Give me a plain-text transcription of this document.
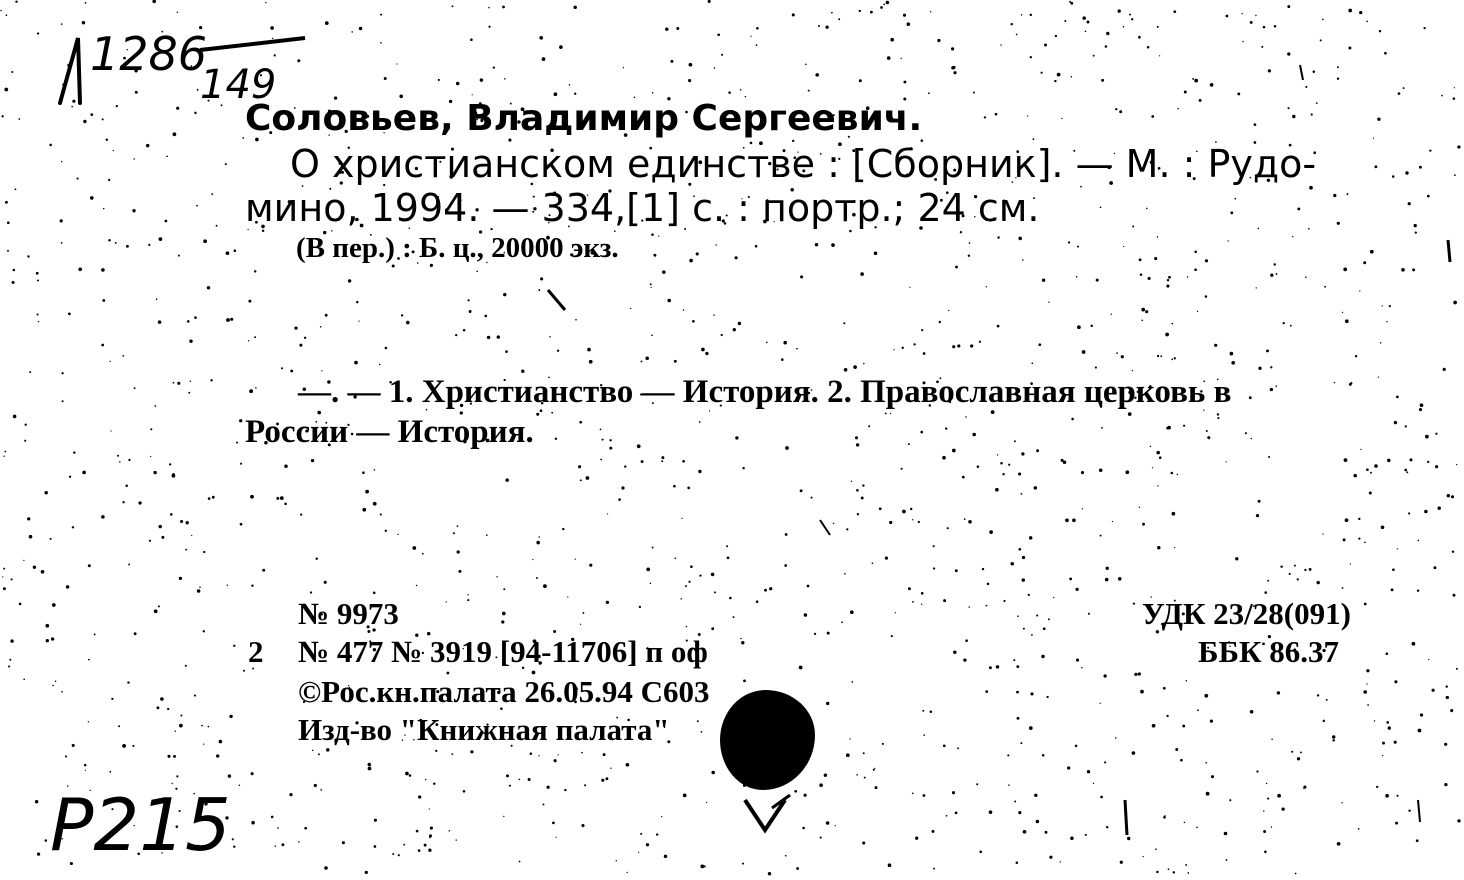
1286
149
Соловьев, Владимир Сергеевич.
О христианском единстве : [Сборник]. — М. : Рудо-
мино, 1994. — 334,[1] с. : портр.; 24 см.
(В пер.) : Б. ц., 20000 экз.
—. — 1. Христианство — История. 2. Православная церковь в
России — История.
№ 9973
2 № 477 № 3919 [94-11706] п оф
©Рос.кн.палата 26.05.94 С603
Изд-во "Книжная палата"
УДК 23/28(091)
ББК 86.37
P215
